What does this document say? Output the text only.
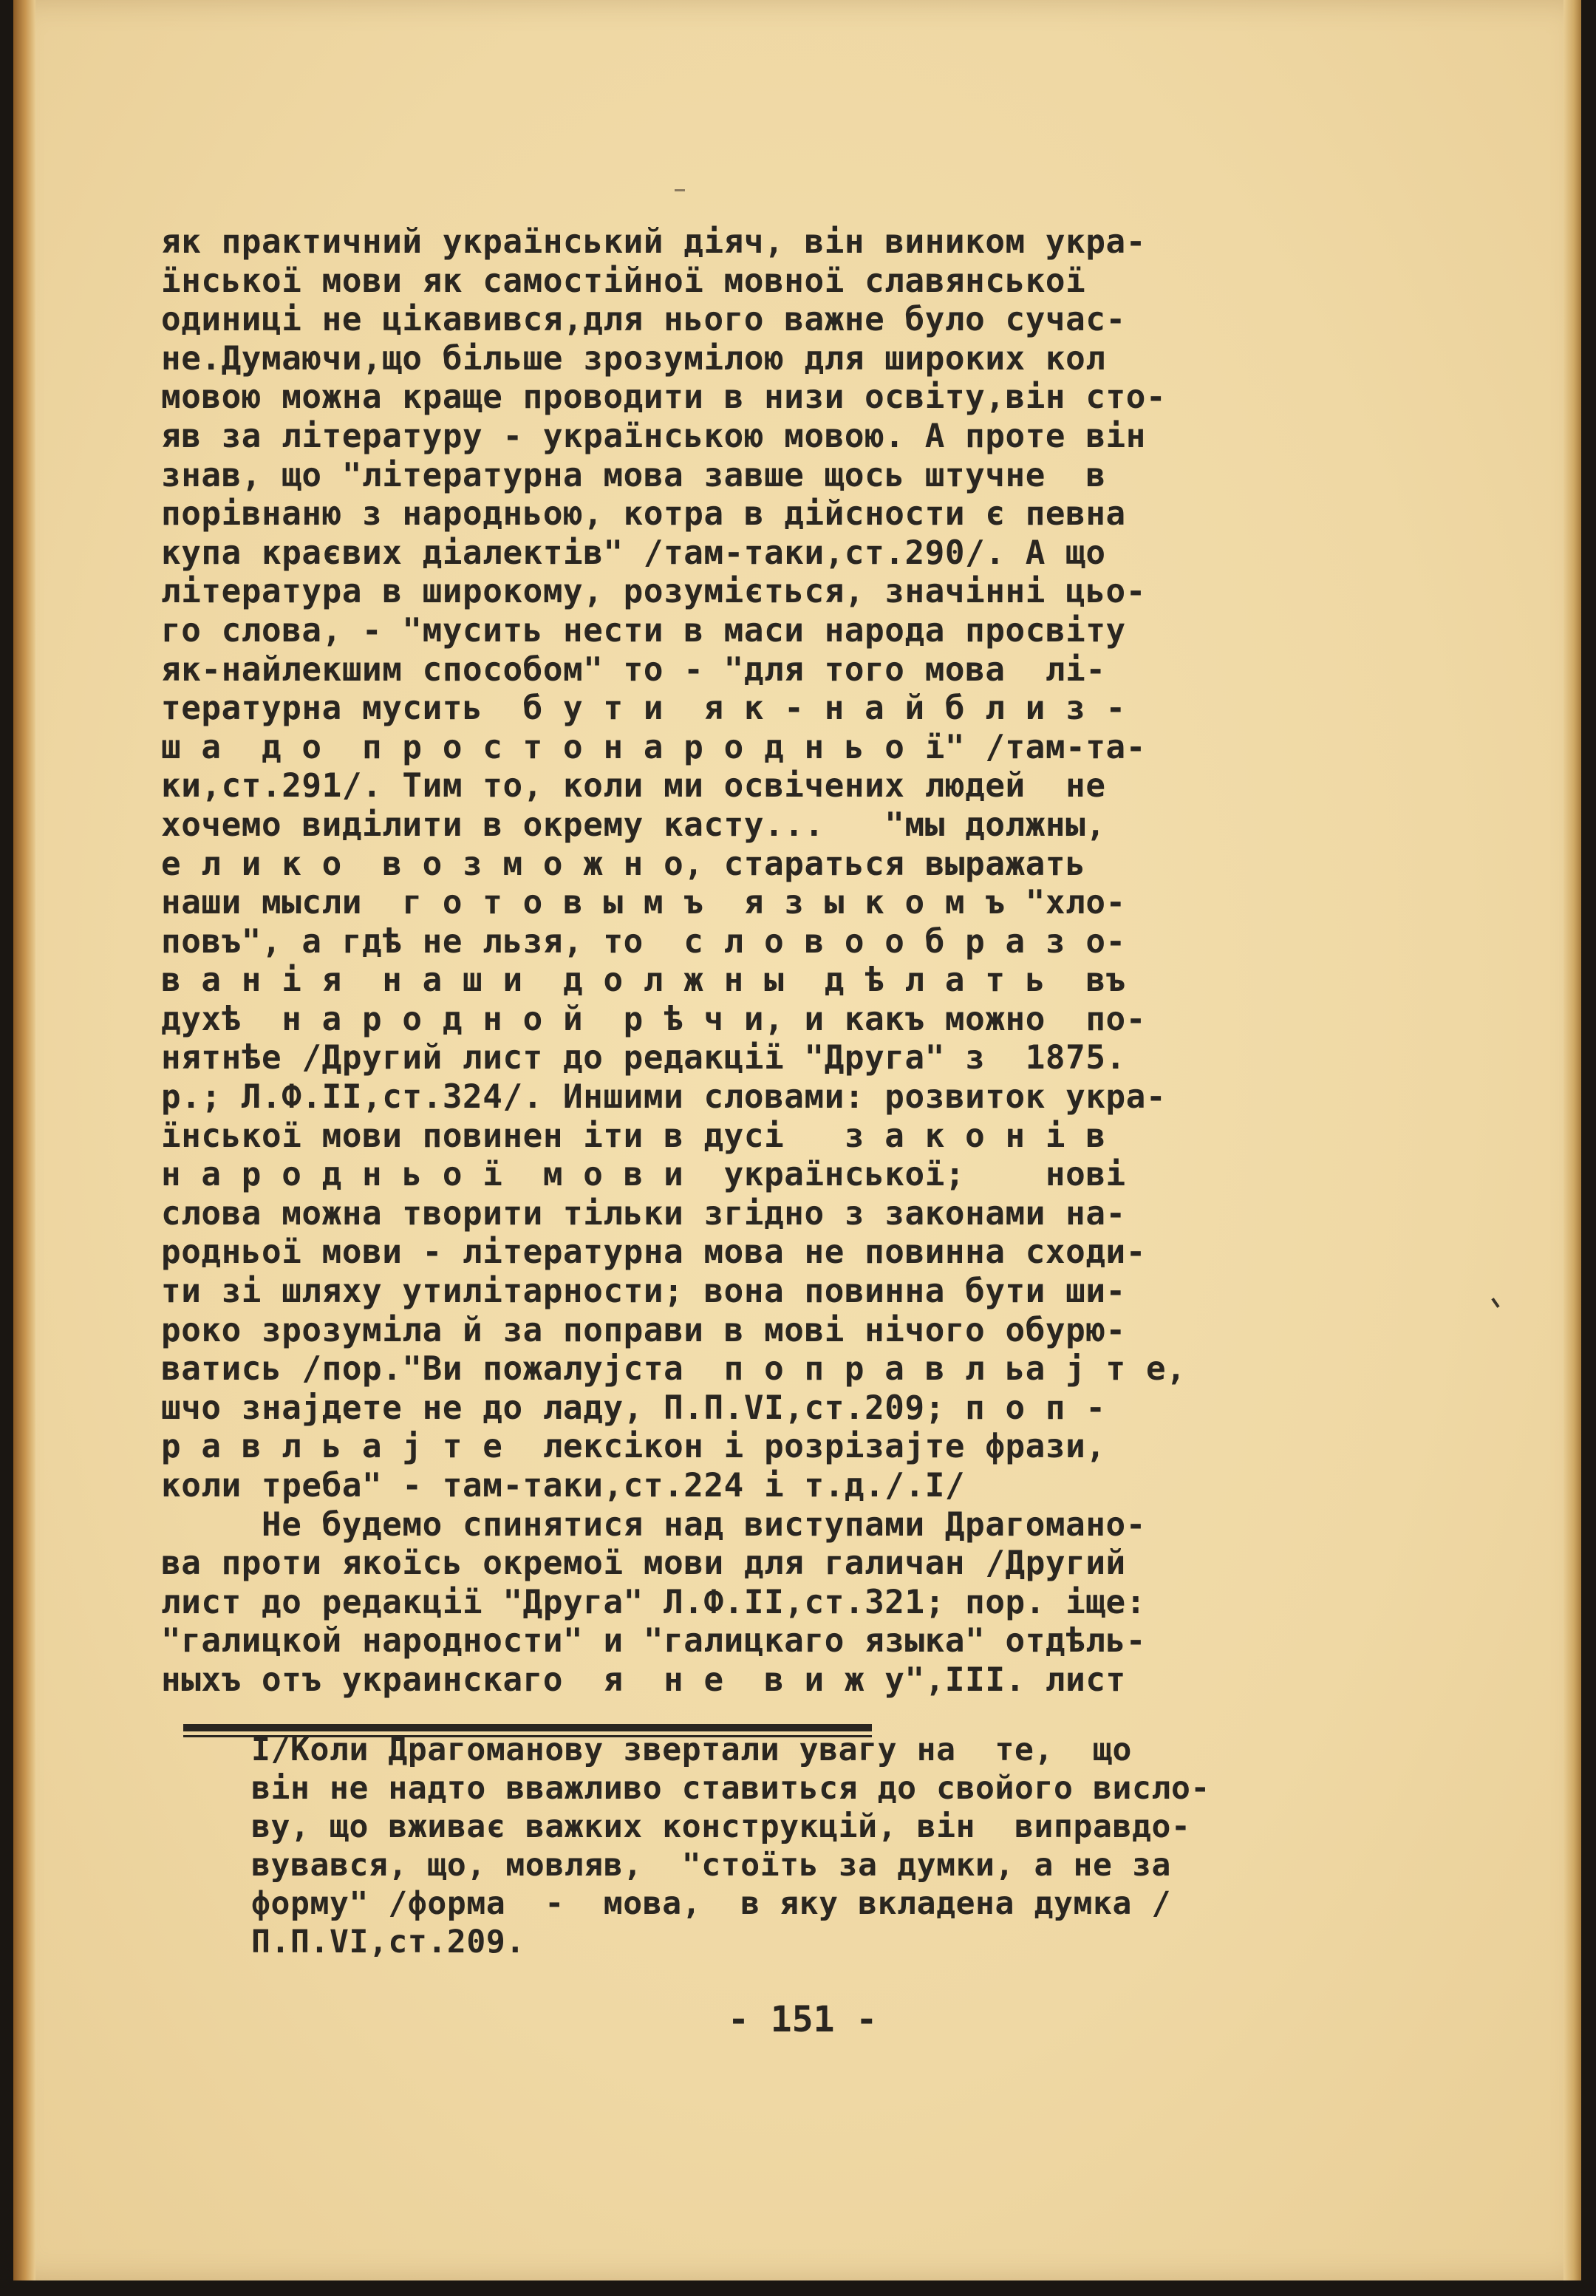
як практичний український діяч, він виником укра-
їнської мови як самостійної мовної славянської
одиниці не цікавився,для нього важне було сучас-
не.Думаючи,що більше зрозумілою для широких кол
мовою можна краще проводити в низи освіту,він сто-
яв за літературу - українською мовою. А проте він
знав, що "літературна мова завше щось штучне  в
порівнаню з народньою, котра в дійсности є певна
купа краєвих діалектів" /там-таки,ст.290/. А що
література в широкому, розуміється, значінні цьо-
го слова, - "мусить нести в маси народа просвіту
як-найлекшим способом" то - "для того мова  лі-
тературна мусить  б у т и  я к - н а й б л и з -
ш а  д о  п р о с т о н а р о д н ь о ї" /там-та-
ки,ст.291/. Тим то, коли ми освічених людей  не
хочемо виділити в окрему касту...   "мы должны,
е л и к о  в о з м о ж н о, стараться выражать
наши мысли  г о т о в ы м ъ  я з ы к о м ъ "хло-
повъ", а гдѣ не льзя, то  с л о в о о б р а з о-
в а н і я  н а ш и  д о л ж н ы  д ѣ л а т ь  въ
духѣ  н а р о д н о й  р ѣ ч и, и какъ можно  по-
нятнѣе /Другий лист до редакції "Друга" з  1875.
р.; Л.Ф.II,ст.324/. Иншими словами: розвиток укра-
їнської мови повинен іти в дусі   з а к о н і в
н а р о д н ь о ї  м о в и  української;    нові
слова можна творити тільки згідно з законами на-
родньої мови - літературна мова не повинна сходи-
ти зі шляху утилітарности; вона повинна бути ши-
роко зрозуміла й за поправи в мові нічого обурю-
ватись /пор."Ви пожалујста  п о п р а в л ьа ј т е,
шчо знајдете не до ладу, П.П.VI,ст.209; п о п -
р а в л ь а ј т е  лексікон і розрізајте фрази,
коли треба" - там-таки,ст.224 і т.д./.І/
Не будемо спинятися над виступами Драгоманo-
ва проти якоїсь окремої мови для галичан /Другий
лист до редакції "Друга" Л.Ф.II,ст.321; пор. іще:
"галицкой народности" и "галицкаго языка" отдѣль-
ныхъ отъ украинскаго  я  н е  в и ж у",III. лист
І/Коли Драгоманову звертали увагу на  те,  що
він не надто вважливо ставиться до свойого вислo-
ву, що вживає важких конструкцій, він  виправдо-
вувався, що, мовляв,  "стоїть за думки, а не за
форму" /форма  -  мова,  в яку вкладена думка /
П.П.VI,ст.209.
- 151 -
